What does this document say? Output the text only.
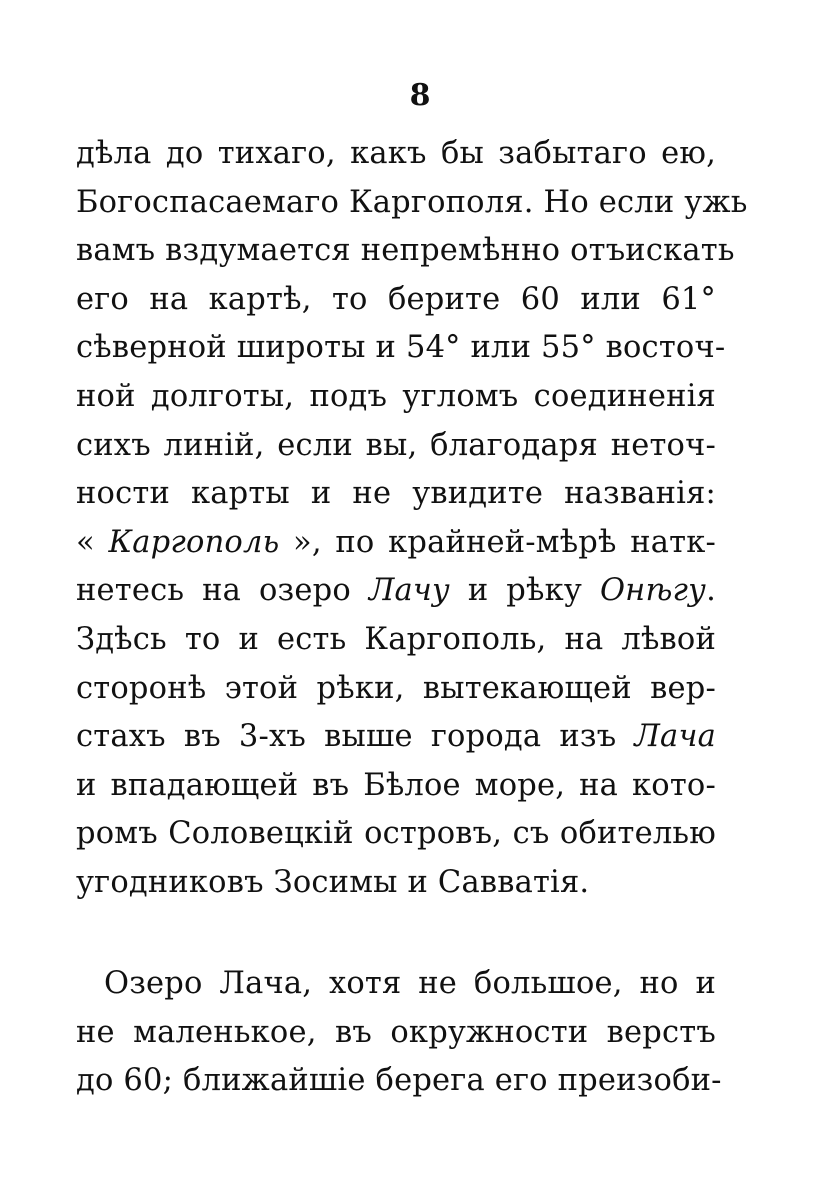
8
дѣла до тихаго, какъ бы забытаго ею,
Богоспасаемаго Каргополя. Но если ужь
вамъ вздумается непремѣнно отъискать
его на картѣ, то берите 60 или 61°
сѣверной широты и 54° или 55° восточ-
ной долготы, подъ угломъ соединенія
сихъ линій, если вы, благодаря неточ-
ности карты и не увидите названія:
« Каргополь », по крайней-мѣрѣ натк-
нетесь на озеро Лачу и рѣку Онѣгу.
Здѣсь то и есть Каргополь, на лѣвой
сторонѣ этой рѣки, вытекающей вер-
стахъ въ 3-хъ выше города изъ Лача
и впадающей въ Бѣлое море, на кото-
ромъ Соловецкій островъ, съ обителью
угодниковъ Зосимы и Савватія.
Озеро Лача, хотя не большое, но и
не маленькое, въ окружности верстъ
до 60; ближайшіе берега его преизоби-
